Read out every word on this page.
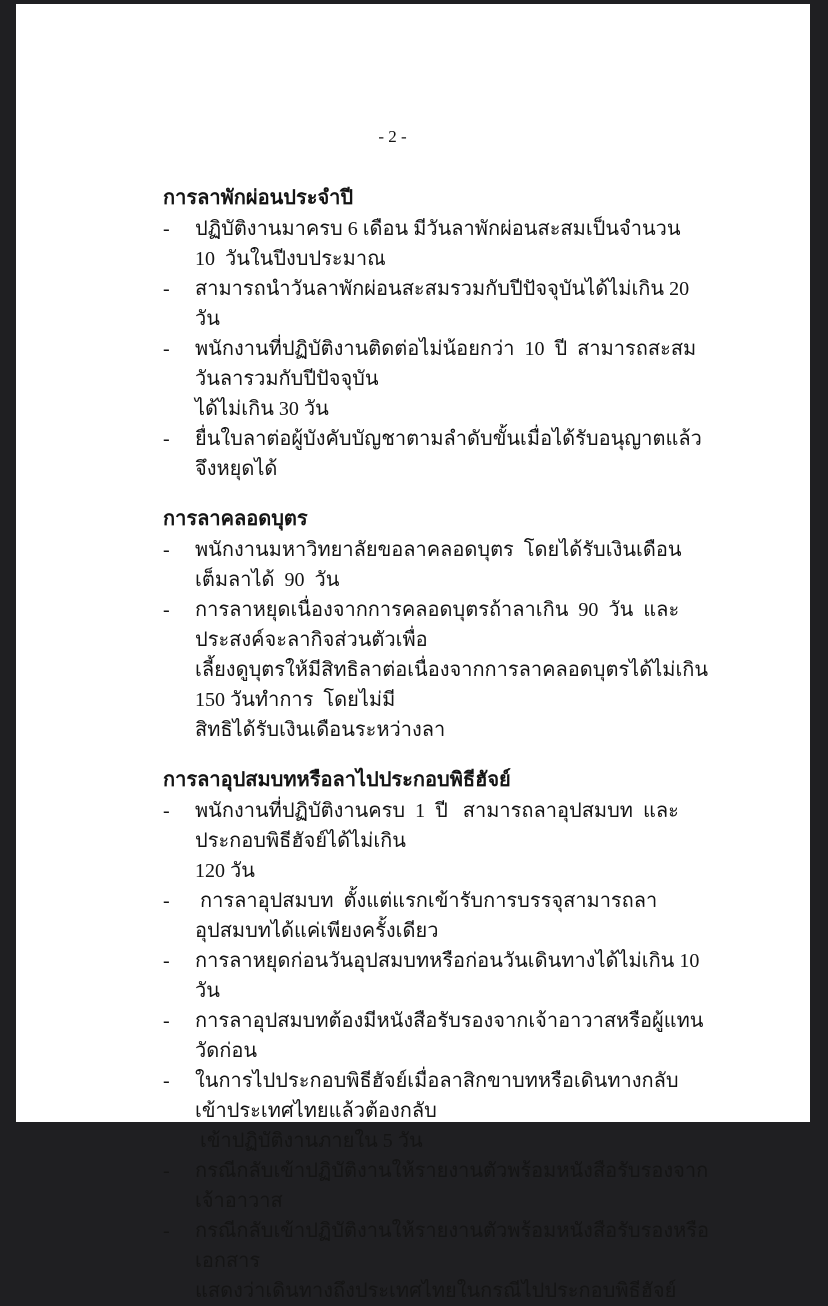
- 2 -
การลาพักผ่อนประจำปี
-	ปฏิบัติงานมาครบ 6 เดือน มีวันลาพักผ่อนสะสมเป็นจำนวน  10  วันในปีงบประมาณ
-	สามารถนำวันลาพักผ่อนสะสมรวมกับปีปัจจุบันได้ไม่เกิน 20 วัน
-	พนักงานที่ปฏิบัติงานติดต่อไม่น้อยกว่า  10  ปี  สามารถสะสมวันลารวมกับปีปัจจุบัน
ได้ไม่เกิน 30 วัน
-	ยื่นใบลาต่อผู้บังคับบัญชาตามลำดับขั้นเมื่อได้รับอนุญาตแล้วจึงหยุดได้
การลาคลอดบุตร
-	พนักงานมหาวิทยาลัยขอลาคลอดบุตร  โดยได้รับเงินเดือนเต็มลาได้  90  วัน
-	การลาหยุดเนื่องจากการคลอดบุตรถ้าลาเกิน  90  วัน  และประสงค์จะลากิจส่วนตัวเพื่อ
เลี้ยงดูบุตรให้มีสิทธิลาต่อเนื่องจากการลาคลอดบุตรได้ไม่เกิน 150 วันทำการ  โดยไม่มี
สิทธิได้รับเงินเดือนระหว่างลา
การลาอุปสมบทหรือลาไปประกอบพิธีฮัจย์
-	พนักงานที่ปฏิบัติงานครบ  1  ปี   สามารถลาอุปสมบท  และประกอบพิธีฮัจย์ได้ไม่เกิน
120 วัน
-	การลาอุปสมบท  ตั้งแต่แรกเข้ารับการบรรจุสามารถลาอุปสมบทได้แค่เพียงครั้งเดียว
-	การลาหยุดก่อนวันอุปสมบทหรือก่อนวันเดินทางได้ไม่เกิน 10 วัน
-	การลาอุปสมบทต้องมีหนังสือรับรองจากเจ้าอาวาสหรือผู้แทนวัดก่อน
-	ในการไปประกอบพิธีฮัจย์เมื่อลาสิกขาบทหรือเดินทางกลับเข้าประเทศไทยแล้วต้องกลับ
เข้าปฏิบัติงานภายใน 5 วัน
-	กรณีกลับเข้าปฏิบัติงานให้รายงานตัวพร้อมหนังสือรับรองจากเจ้าอาวาส
-	กรณีกลับเข้าปฏิบัติงานให้รายงานตัวพร้อมหนังสือรับรองหรือเอกสาร
แสดงว่าเดินทางถึงประเทศไทยในกรณีไปประกอบพิธีฮัจย์
